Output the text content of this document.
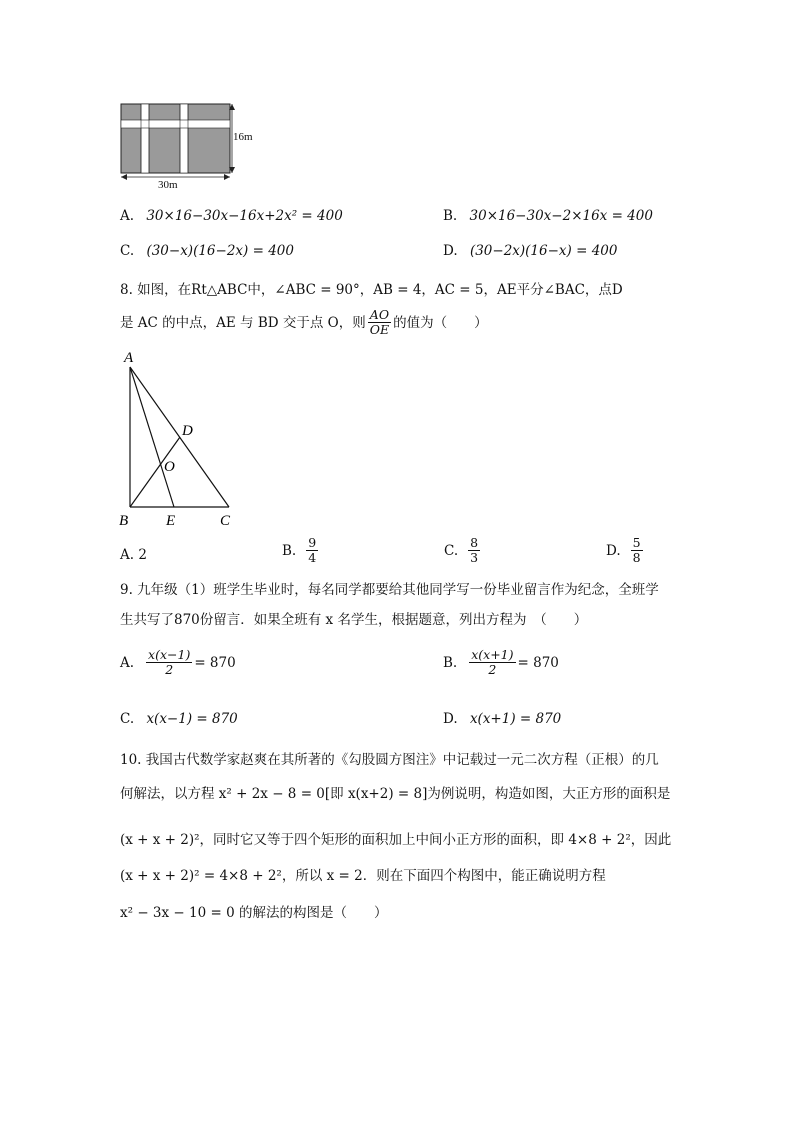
16m
30m
A. 30×16−30x−16x+2x² = 400	B. 30×16−30x−2×16x = 400
C. (30−x)(16−2x) = 400	D. (30−2x)(16−x) = 400
8. 如图，在Rt△ABC中，∠ABC = 90°，AB = 4，AC = 5，AE平分∠BAC，点D
是 AC 的中点，AE 与 BD 交于点 O，则 $\frac{AO}{OE}$ 的值为（　　）
A
B	E	C
D
O
A. 2	B. $\frac{9}{4}$	C. $\frac{8}{3}$	D. $\frac{5}{8}$
9. 九年级（1）班学生毕业时，每名同学都要给其他同学写一份毕业留言作为纪念，全班学
生共写了870份留言．如果全班有 x 名学生，根据题意，列出方程为　（　　）
A. $\frac{x(x-1)}{2} = 870$	B. $\frac{x(x+1)}{2} = 870$
C. x(x−1) = 870	D. x(x+1) = 870
10. 我国古代数学家赵爽在其所著的《勾股圆方图注》中记载过一元二次方程（正根）的几
何解法，以方程 x² + 2x − 8 = 0[即 x(x+2) = 8]为例说明，构造如图，大正方形的面积是
(x + x + 2)²，同时它又等于四个矩形的面积加上中间小正方形的面积，即 4×8 + 2²，因此
(x + x + 2)² = 4×8 + 2²，所以 x = 2．则在下面四个构图中，能正确说明方程
x² − 3x − 10 = 0 的解法的构图是（　　）
